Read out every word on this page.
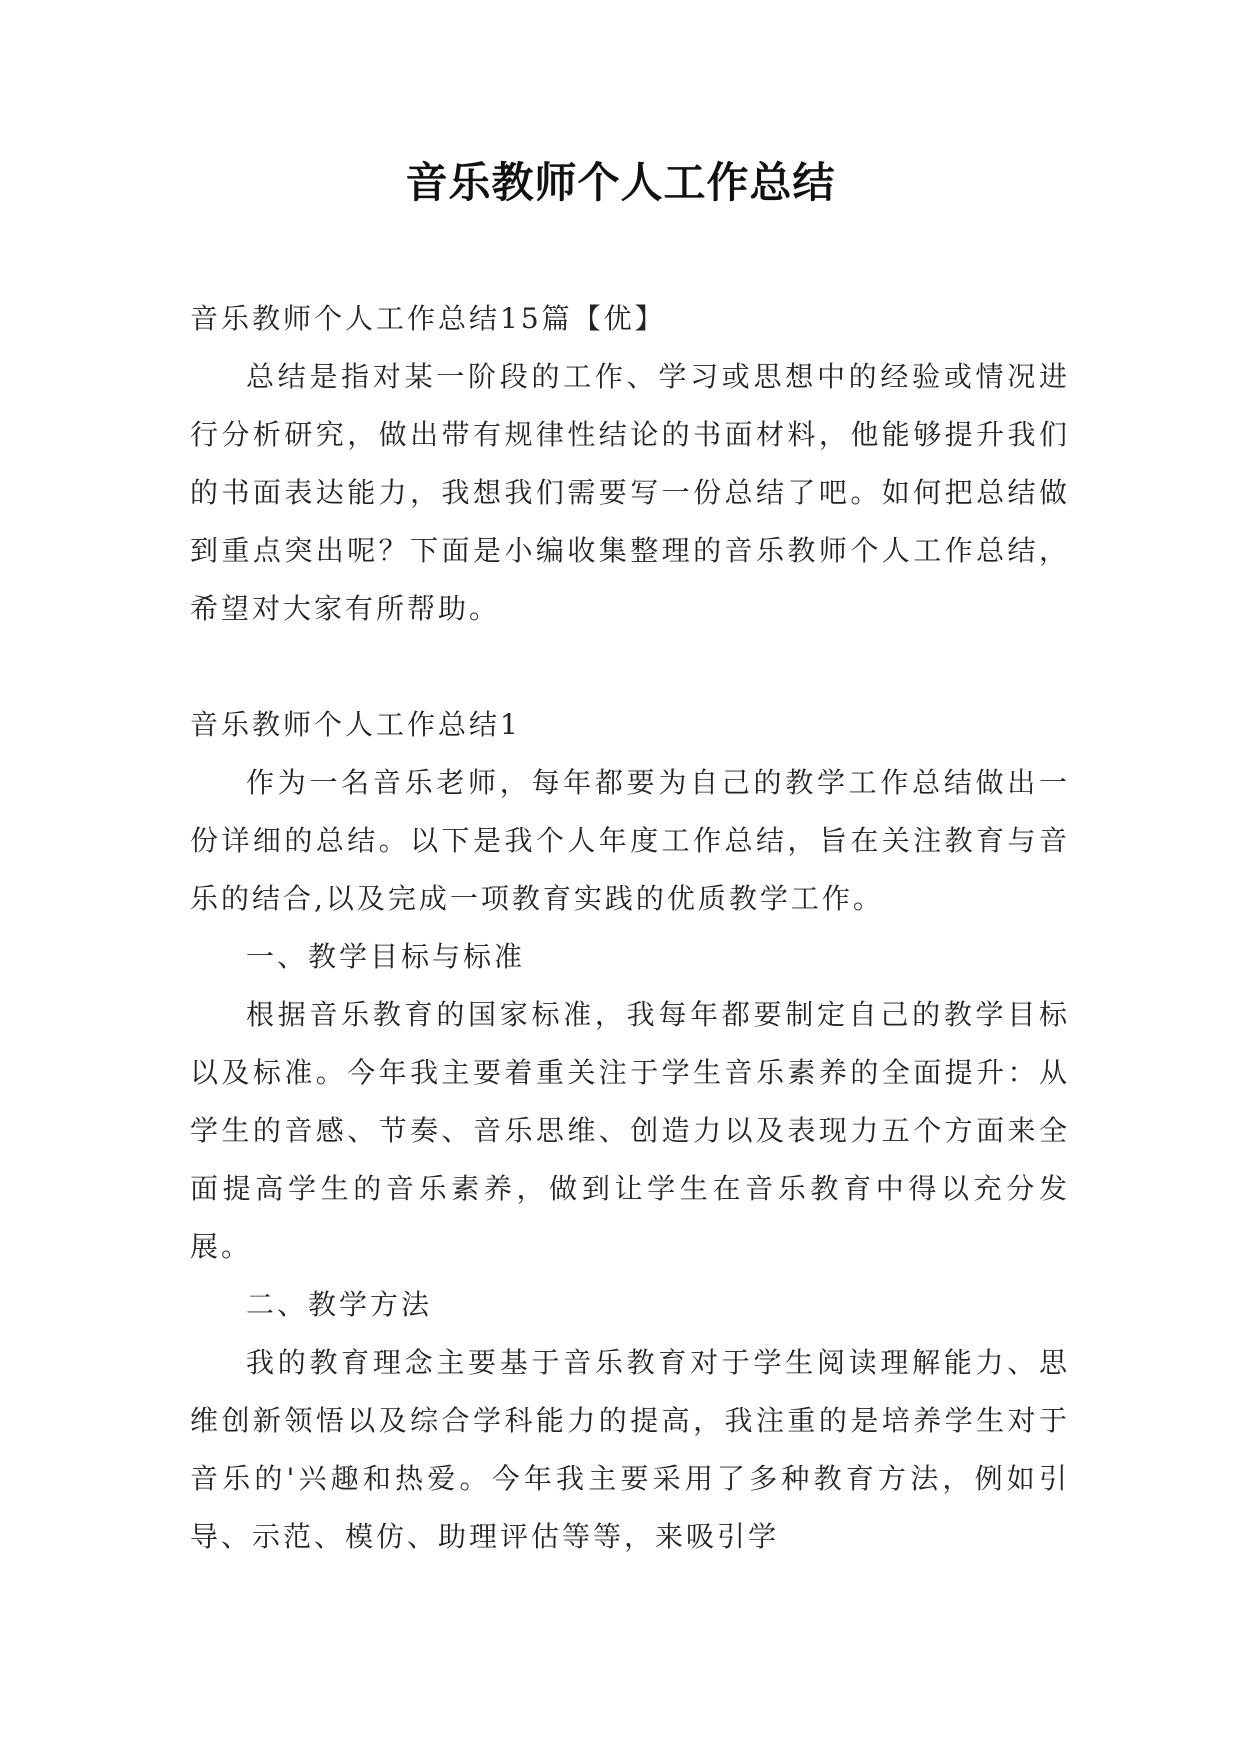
音乐教师个人工作总结

音乐教师个人工作总结15篇【优】

总结是指对某一阶段的工作、学习或思想中的经验或情况进行分析研究，做出带有规律性结论的书面材料，他能够提升我们的书面表达能力，我想我们需要写一份总结了吧。如何把总结做到重点突出呢？下面是小编收集整理的音乐教师个人工作总结，希望对大家有所帮助。

音乐教师个人工作总结1

作为一名音乐老师，每年都要为自己的教学工作总结做出一份详细的总结。以下是我个人年度工作总结，旨在关注教育与音乐的结合,以及完成一项教育实践的优质教学工作。

一、教学目标与标准

根据音乐教育的国家标准，我每年都要制定自己的教学目标以及标准。今年我主要着重关注于学生音乐素养的全面提升：从学生的音感、节奏、音乐思维、创造力以及表现力五个方面来全面提高学生的音乐素养，做到让学生在音乐教育中得以充分发展。

二、教学方法

我的教育理念主要基于音乐教育对于学生阅读理解能力、思维创新领悟以及综合学科能力的提高，我注重的是培养学生对于音乐的'兴趣和热爱。今年我主要采用了多种教育方法，例如引导、示范、模仿、助理评估等等，来吸引学
